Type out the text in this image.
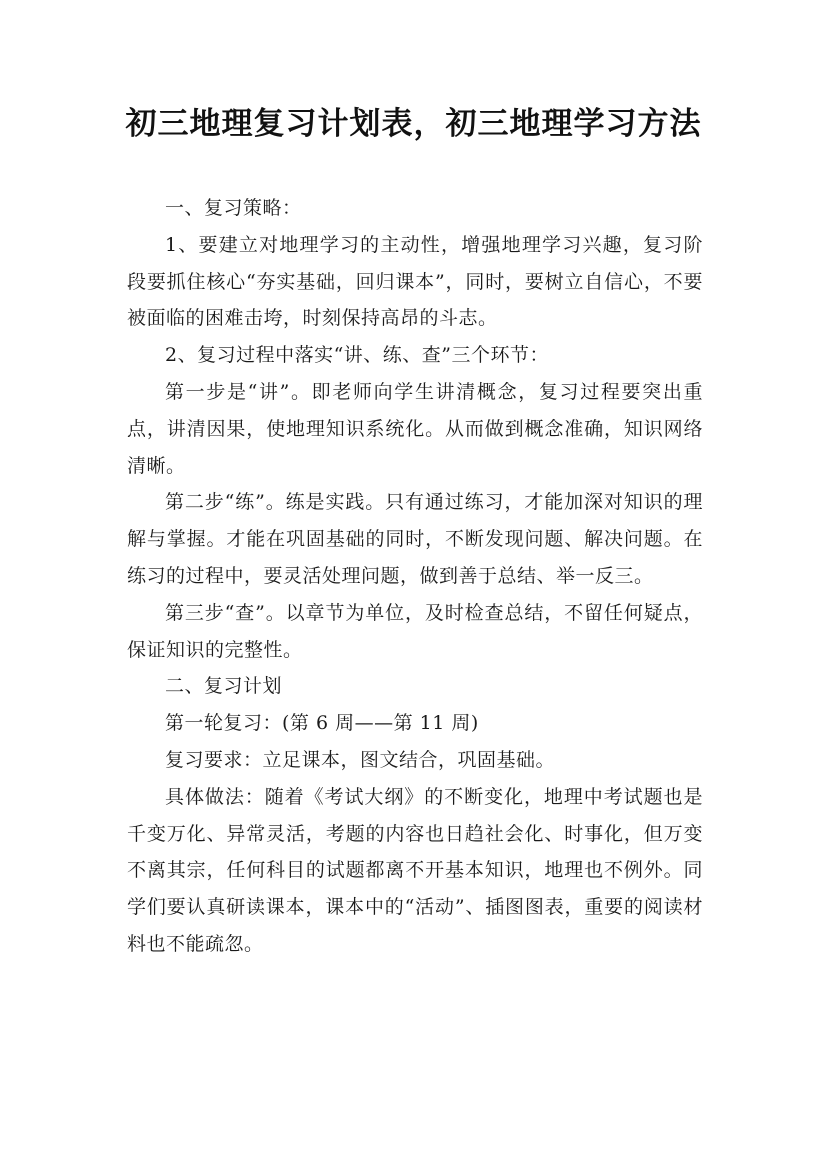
初三地理复习计划表，初三地理学习方法

一、复习策略：

1、要建立对地理学习的主动性，增强地理学习兴趣，复习阶段要抓住核心“夯实基础，回归课本”，同时，要树立自信心，不要被面临的困难击垮，时刻保持高昂的斗志。

2、复习过程中落实“讲、练、查”三个环节：

第一步是“讲”。即老师向学生讲清概念，复习过程要突出重点，讲清因果，使地理知识系统化。从而做到概念准确，知识网络清晰。

第二步“练”。练是实践。只有通过练习，才能加深对知识的理解与掌握。才能在巩固基础的同时，不断发现问题、解决问题。在练习的过程中，要灵活处理问题，做到善于总结、举一反三。

第三步“查”。以章节为单位，及时检查总结，不留任何疑点，保证知识的完整性。

二、复习计划

第一轮复习：(第 6 周——第 11 周)

复习要求：立足课本，图文结合，巩固基础。

具体做法：随着《考试大纲》的不断变化，地理中考试题也是千变万化、异常灵活，考题的内容也日趋社会化、时事化，但万变不离其宗，任何科目的试题都离不开基本知识，地理也不例外。同学们要认真研读课本，课本中的“活动”、插图图表，重要的阅读材料也不能疏忽。
